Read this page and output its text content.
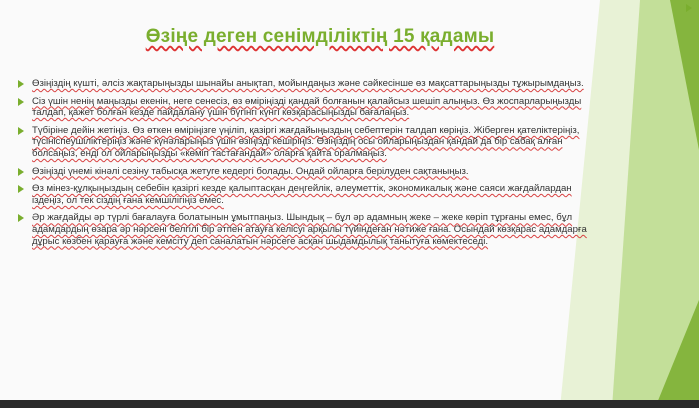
Өзіңе деген сенімділіктің 15 қадамы
Өзіңіздің күшті, әлсіз жақтарыңызды шынайы анықтап, мойындаңыз және сәйкесінше өз мақсаттарыңызды тұжырымдаңыз.
Сіз үшін ненің маңызды екенін, неге сенесіз, өз өміріңізді қандай болғанын қалайсыз шешіп алыңыз. Өз жоспарларыңызды талдап, қажет болған кезде пайдалану үшін бүгінгі күнгі көзқарасыңызды бағалаңыз.
Түбіріне дейін жетіңіз. Өз өткен өміріңізге үңіліп, қазіргі жағдайыңыздың себептерін талдап көріңіз. Жіберген қателіктеріңіз, түсініспеушіліктеріңіз және күнәларыңыз үшін өзіңізді кешіріңіз. Өзіңіздің осы ойларыңыздан қандай да бір сабақ алған болсаңыз, енді ол ойларыңызды «көміп тастағандай» оларға қайта оралмаңыз.
Өзіңізді үнемі кінәлі сезіну табысқа жетуге кедергі болады. Ондай ойларға берілуден сақтаныңыз.
Өз мінез-құлқыңыздың себебін қазіргі кезде қалыптасқан деңгейлік, әлеуметтік, экономикалық және саяси жағдайлардан іздеңіз, ол тек сіздің ғана кемшілігіңіз емес.
Әр жағдайды әр түрлі бағалауға болатынын ұмытпаңыз. Шындық – бұл әр адамның жеке – жеке көріп тұрғаны емес, бұл адамдардың өзара әр нәрсені белгілі бір әтпен атауға келісуі арқылы түйіндеған нәтиже ғана. Осындай көзқарас адамдарға дұрыс көзбен қарауға және кемсіту деп саналатын нәрсеге асқан шыдамдылық танытуға көмектеседі.
